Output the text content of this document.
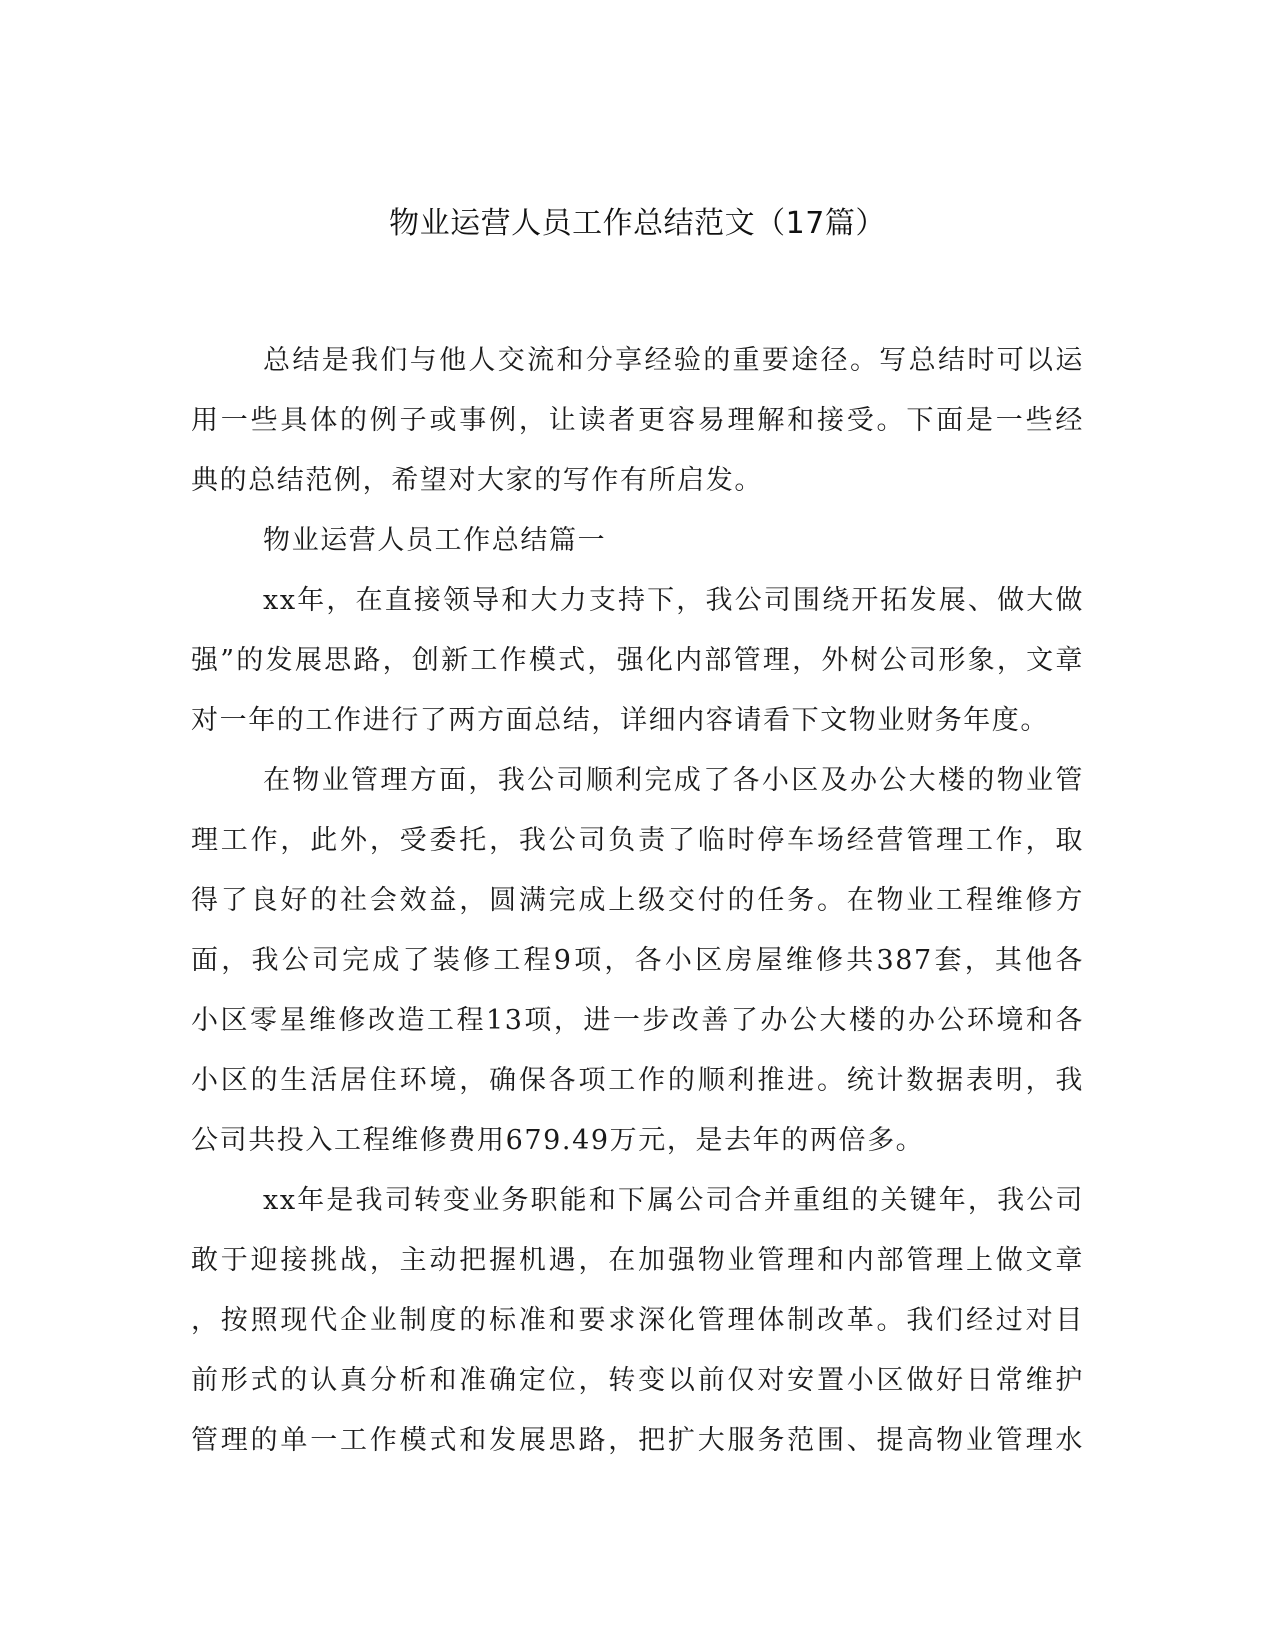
物业运营人员工作总结范文（17篇）
总结是我们与他人交流和分享经验的重要途径。写总结时可以运
用一些具体的例子或事例，让读者更容易理解和接受。下面是一些经
典的总结范例，希望对大家的写作有所启发。
物业运营人员工作总结篇一
xx年，在直接领导和大力支持下，我公司围绕开拓发展、做大做
强”的发展思路，创新工作模式，强化内部管理，外树公司形象，文章
对一年的工作进行了两方面总结，详细内容请看下文物业财务年度。
在物业管理方面，我公司顺利完成了各小区及办公大楼的物业管
理工作，此外，受委托，我公司负责了临时停车场经营管理工作，取
得了良好的社会效益，圆满完成上级交付的任务。在物业工程维修方
面，我公司完成了装修工程9项，各小区房屋维修共387套，其他各
小区零星维修改造工程13项，进一步改善了办公大楼的办公环境和各
小区的生活居住环境，确保各项工作的顺利推进。统计数据表明，我
公司共投入工程维修费用679.49万元，是去年的两倍多。
xx年是我司转变业务职能和下属公司合并重组的关键年，我公司
敢于迎接挑战，主动把握机遇，在加强物业管理和内部管理上做文章
，按照现代企业制度的标准和要求深化管理体制改革。我们经过对目
前形式的认真分析和准确定位，转变以前仅对安置小区做好日常维护
管理的单一工作模式和发展思路，把扩大服务范围、提高物业管理水
